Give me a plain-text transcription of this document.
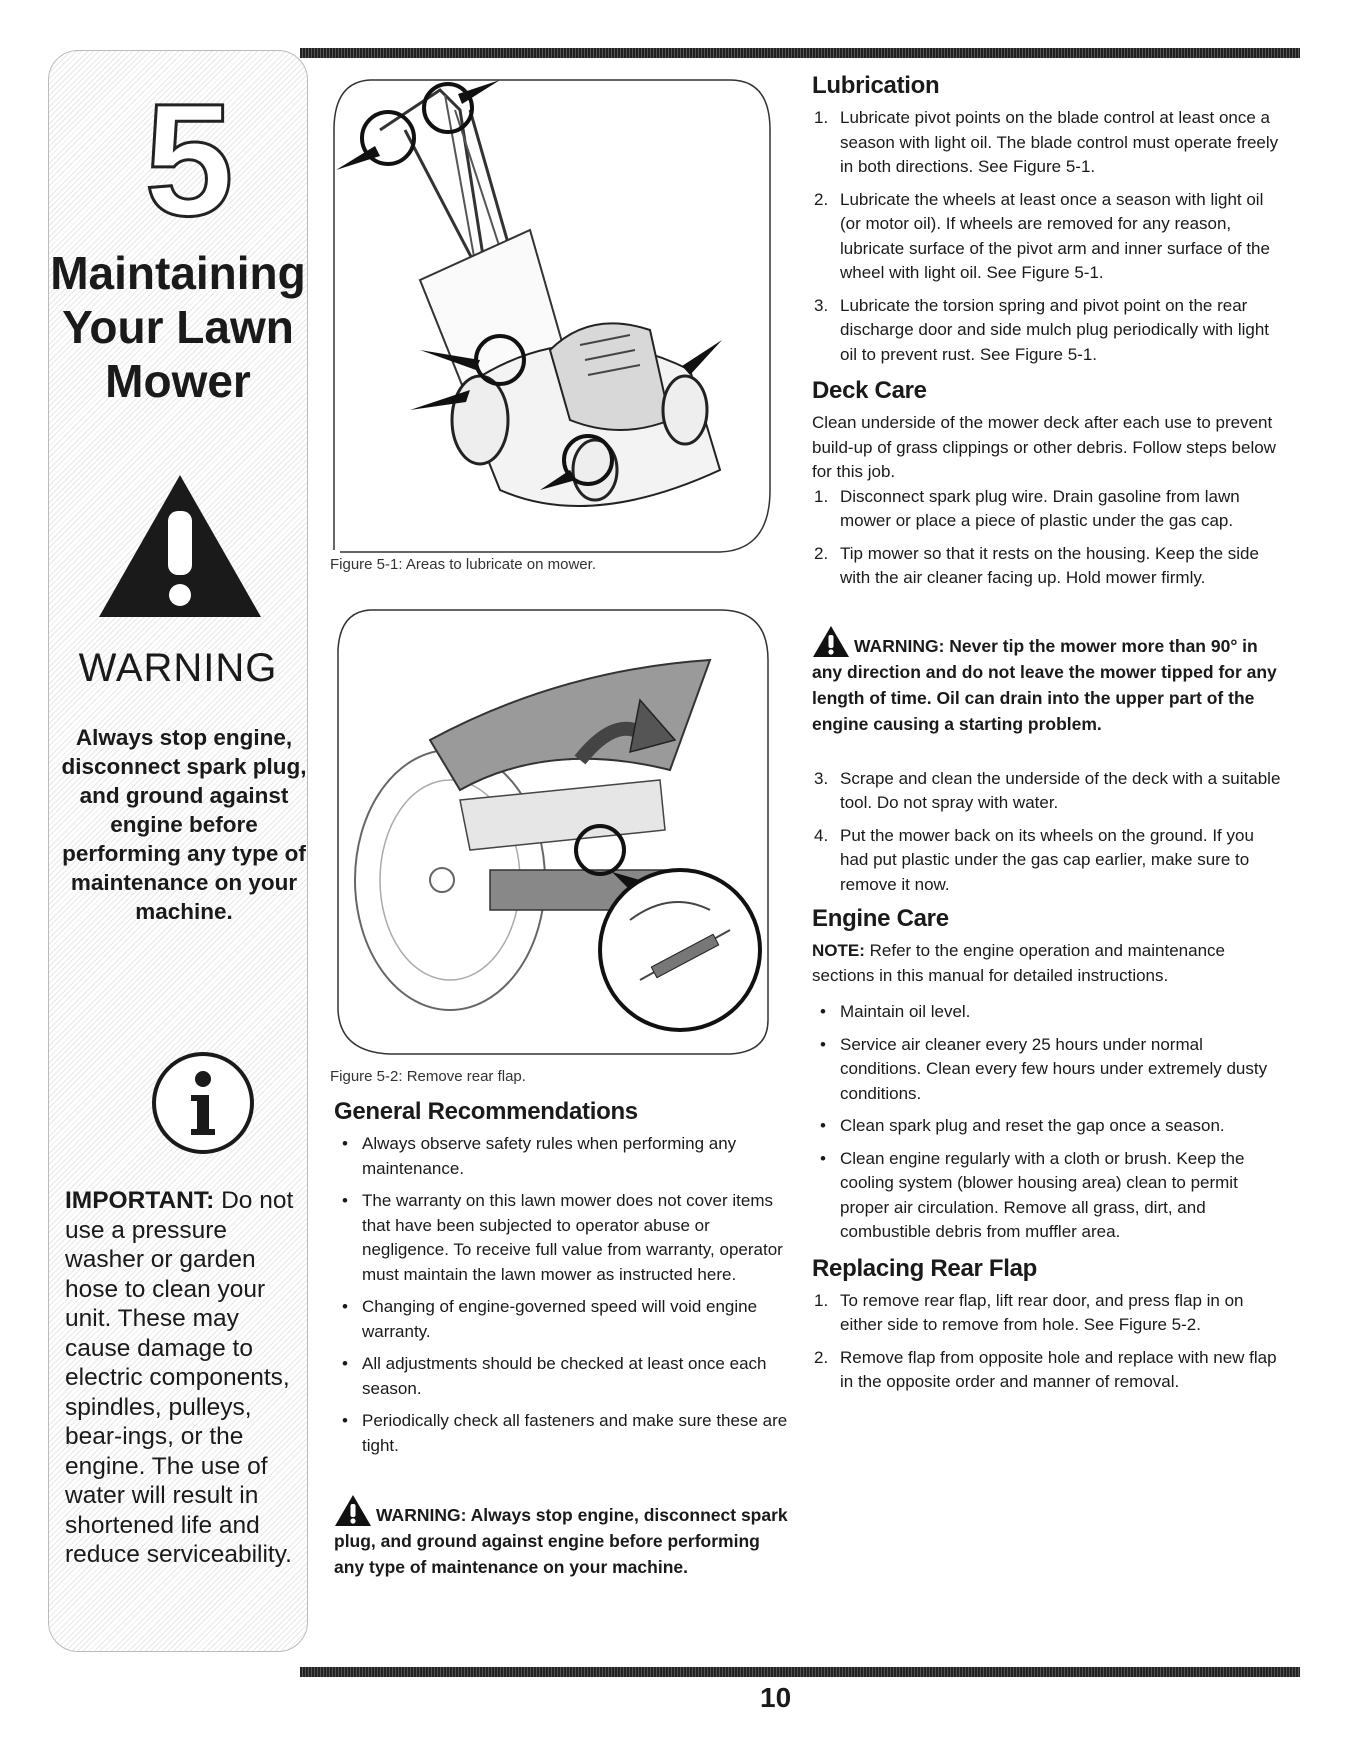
5
Maintaining
Your Lawn
Mower
WARNING
Always stop engine, disconnect spark plug, and ground against engine before performing any type of maintenance on your machine.
IMPORTANT: Do not use a pressure washer or garden hose to clean your unit. These may cause damage to electric components, spindles, pulleys, bear-ings, or the engine. The use of water will result in shortened life and reduce serviceability.
Figure 5-1: Areas to lubricate on mower.
Figure 5-2: Remove rear flap.
General Recommendations
• Always observe safety rules when performing any maintenance.
• The warranty on this lawn mower does not cover items that have been subjected to operator abuse or negligence. To receive full value from warranty, operator must maintain the lawn mower as instructed here.
• Changing of engine-governed speed will void engine warranty.
• All adjustments should be checked at least once each season.
• Periodically check all fasteners and make sure these are tight.
WARNING: Always stop engine, disconnect spark plug, and ground against engine before performing any type of maintenance on your machine.
Lubrication
1. Lubricate pivot points on the blade control at least once a season with light oil. The blade control must operate freely in both directions. See Figure 5-1.
2. Lubricate the wheels at least once a season with light oil (or motor oil). If wheels are removed for any reason, lubricate surface of the pivot arm and inner surface of the wheel with light oil. See Figure 5-1.
3. Lubricate the torsion spring and pivot point on the rear discharge door and side mulch plug periodically with light oil to prevent rust. See Figure 5-1.
Deck Care

Clean underside of the mower deck after each use to prevent build-up of grass clippings or other debris. Follow steps below for this job.

1. Disconnect spark plug wire. Drain gasoline from lawn mower or place a piece of plastic under the gas cap.
2. Tip mower so that it rests on the housing. Keep the side with the air cleaner facing up. Hold mower firmly.
WARNING: Never tip the mower more than 90° in any direction and do not leave the mower tipped for any length of time. Oil can drain into the upper part of the engine causing a starting problem.
3. Scrape and clean the underside of the deck with a suitable tool. Do not spray with water.
4. Put the mower back on its wheels on the ground. If you had put plastic under the gas cap earlier, make sure to remove it now.
Engine Care

NOTE: Refer to the engine operation and maintenance sections in this manual for detailed instructions.

• Maintain oil level.
• Service air cleaner every 25 hours under normal conditions. Clean every few hours under extremely dusty conditions.
• Clean spark plug and reset the gap once a season.
• Clean engine regularly with a cloth or brush. Keep the cooling system (blower housing area) clean to permit proper air circulation. Remove all grass, dirt, and combustible debris from muffler area.
Replacing Rear Flap
1. To remove rear flap, lift rear door, and press flap in on either side to remove from hole. See Figure 5-2.
2. Remove flap from opposite hole and replace with new flap in the opposite order and manner of removal.
10
